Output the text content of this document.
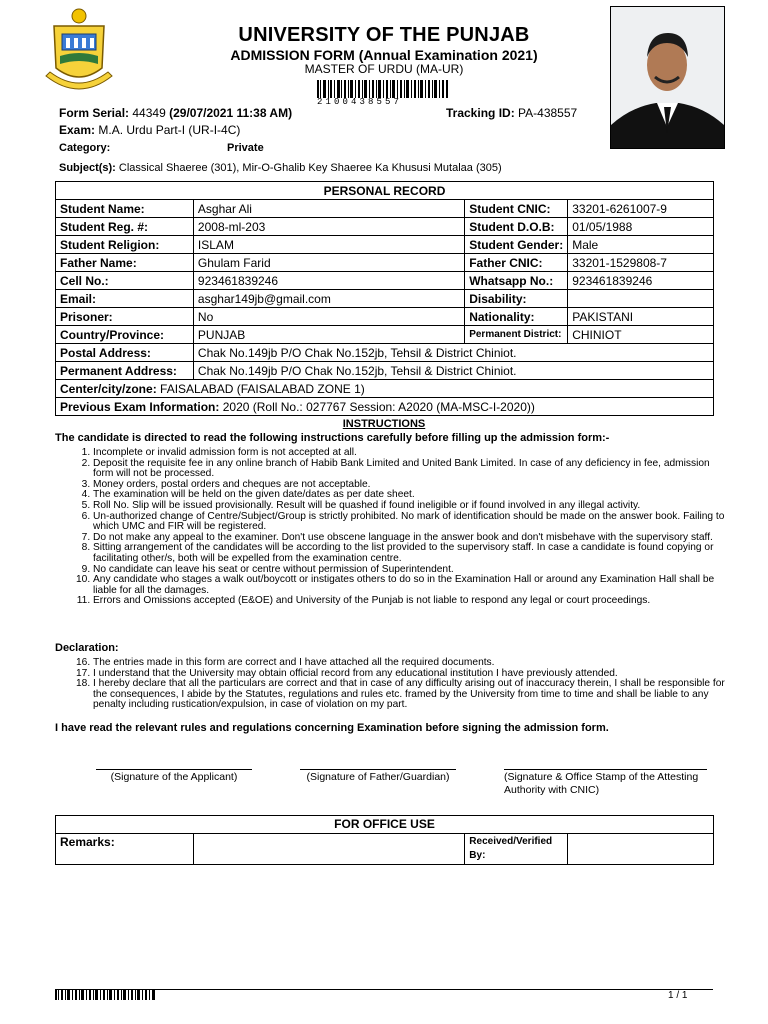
UNIVERSITY OF THE PUNJAB
ADMISSION FORM (Annual Examination 2021)
MASTER OF URDU (MA-UR)
2100438557
Form Serial: 44349 (29/07/2021 11:38 AM)	Tracking ID: PA-438557
Exam: M.A. Urdu Part-I (UR-I-4C)
Category:	Private
Subject(s): Classical Shaeree (301), Mir-O-Ghalib Key Shaeree Ka Khususi Mutalaa (305)
PERSONAL RECORD			
Student Name:	Asghar Ali	Student CNIC:	33201-6261007-9
Student Reg. #:	2008-ml-203	Student D.O.B:	01/05/1988
Student Religion:	ISLAM	Student Gender:	Male
Father Name:	Ghulam Farid	Father CNIC:	33201-1529808-7
Cell No.:	923461839246	Whatsapp No.:	923461839246
Email:	asghar149jb@gmail.com	Disability:	
Prisoner:	No	Nationality:	PAKISTANI
Country/Province:	PUNJAB	Permanent District:	CHINIOT
Postal Address:	Chak No.149jb P/O Chak No.152jb, Tehsil & District Chiniot.		
Permanent Address:	Chak No.149jb P/O Chak No.152jb, Tehsil & District Chiniot.		
Center/city/zone: FAISALABAD (FAISALABAD ZONE 1)			
Previous Exam Information: 2020 (Roll No.: 027767 Session: A2020 (MA-MSC-I-2020))			
INSTRUCTIONS
The candidate is directed to read the following instructions carefully before filling up the admission form:-
1. Incomplete or invalid admission form is not accepted at all.
2. Deposit the requisite fee in any online branch of Habib Bank Limited and United Bank Limited. In case of any deficiency in fee, admission form will not be processed.
3. Money orders, postal orders and cheques are not acceptable.
4. The examination will be held on the given date/dates as per date sheet.
5. Roll No. Slip will be issued provisionally. Result will be quashed if found ineligible or if found involved in any illegal activity.
6. Un-authorized change of Centre/Subject/Group is strictly prohibited. No mark of identification should be made on the answer book. Failing to which UMC and FIR will be registered.
7. Do not make any appeal to the examiner. Don't use obscene language in the answer book and don't misbehave with the supervisory staff.
8. Sitting arrangement of the candidates will be according to the list provided to the supervisory staff. In case a candidate is found copying or facilitating other/s, both will be expelled from the examination centre.
9. No candidate can leave his seat or centre without permission of Superintendent.
10. Any candidate who stages a walk out/boycott or instigates others to do so in the Examination Hall or around any Examination Hall shall be liable for all the damages.
11. Errors and Omissions accepted (E&OE) and University of the Punjab is not liable to respond any legal or court proceedings.
Declaration:
16. The entries made in this form are correct and I have attached all the required documents.
17. I understand that the University may obtain official record from any educational institution I have previously attended.
18. I hereby declare that all the particulars are correct and that in case of any difficulty arising out of inaccuracy therein, I shall be responsible for the consequences, I abide by the Statutes, regulations and rules etc. framed by the University from time to time and shall be liable to any penalty including rustication/expulsion, in case of violation on my part.
I have read the relevant rules and regulations concerning Examination before signing the admission form.
(Signature of the Applicant)	(Signature of Father/Guardian)	(Signature & Office Stamp of the Attesting Authority with CNIC)
FOR OFFICE USE
Remarks:		Received/Verified By:	
1 / 1
